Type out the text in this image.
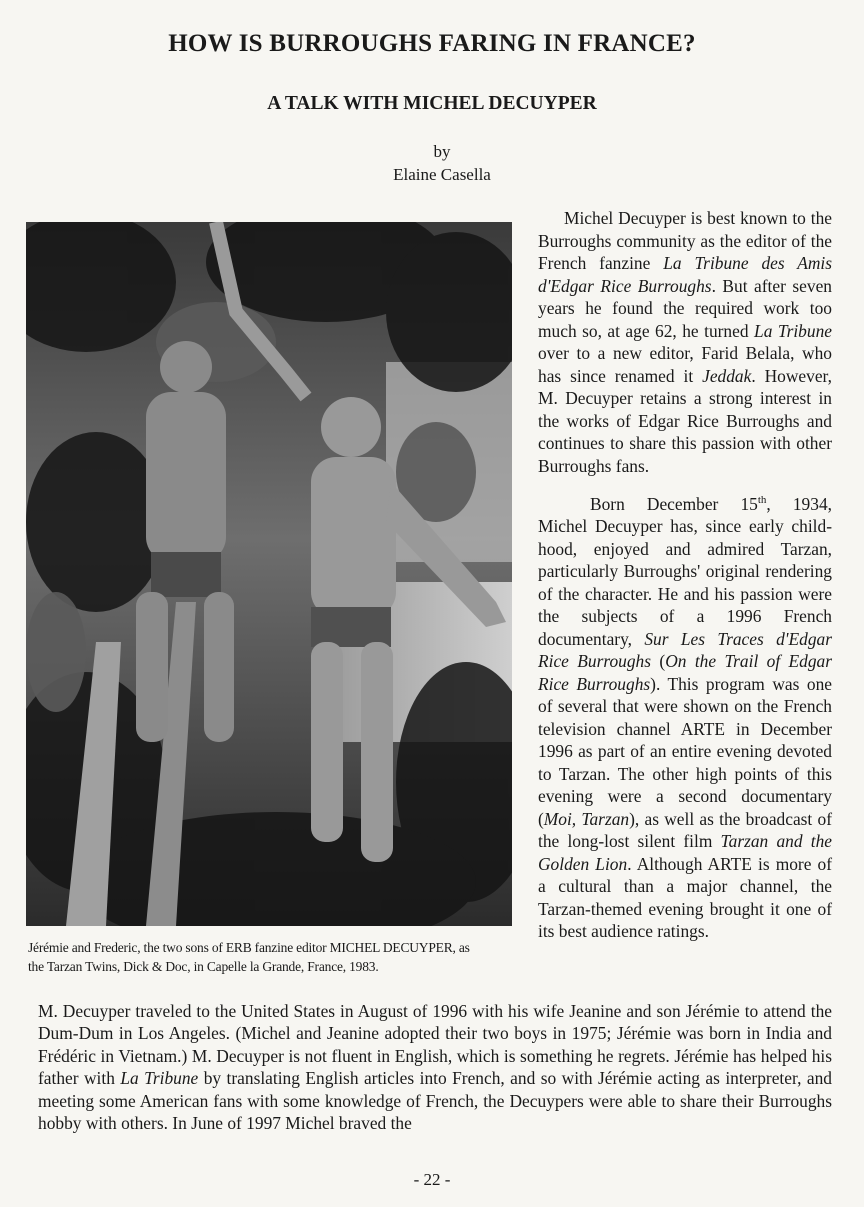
HOW IS BURROUGHS FARING IN FRANCE?
A TALK WITH MICHEL DECUYPER
by
Elaine Casella
Jérémie and Frederic, the two sons of ERB fanzine editor MICHEL DECUYPER, as
the Tarzan Twins, Dick & Doc, in Capelle la Grande, France, 1983.

Michel Decuyper is best known to the Burroughs community as the editor of the French fanzine La Tribune des Amis d'Edgar Rice Burroughs. But after seven years he found the required work too much so, at age 62, he turned La Tribune over to a new editor, Farid Belala, who has since renamed it Jeddak. However, M. Decuyper retains a strong interest in the works of Edgar Rice Burroughs and continues to share this passion with other Burroughs fans.

Born December 15th, 1934, Michel Decuyper has, since early childhood, enjoyed and admired Tarzan, particularly Burroughs' original rendering of the character. He and his passion were the subjects of a 1996 French documentary, Sur Les Traces d'Edgar Rice Burroughs (On the Trail of Edgar Rice Burroughs). This program was one of several that were shown on the French television channel ARTE in December 1996 as part of an entire evening devoted to Tarzan. The other high points of this evening were a second documentary (Moi, Tarzan), as well as the broadcast of the long-lost silent film Tarzan and the Golden Lion. Although ARTE is more of a cultural than a major channel, the Tarzan-themed evening brought it one of its best audience ratings.

M. Decuyper traveled to the United States in August of 1996 with his wife Jeanine and son Jérémie to attend the Dum-Dum in Los Angeles. (Michel and Jeanine adopted their two boys in 1975; Jérémie was born in India and Frédéric in Vietnam.) M. Decuyper is not fluent in English, which is something he regrets. Jérémie has helped his father with La Tribune by translating English articles into French, and so with Jérémie acting as interpreter, and meeting some American fans with some knowledge of French, the Decuypers were able to share their Burroughs hobby with others. In June of 1997 Michel braved the

- 22 -
